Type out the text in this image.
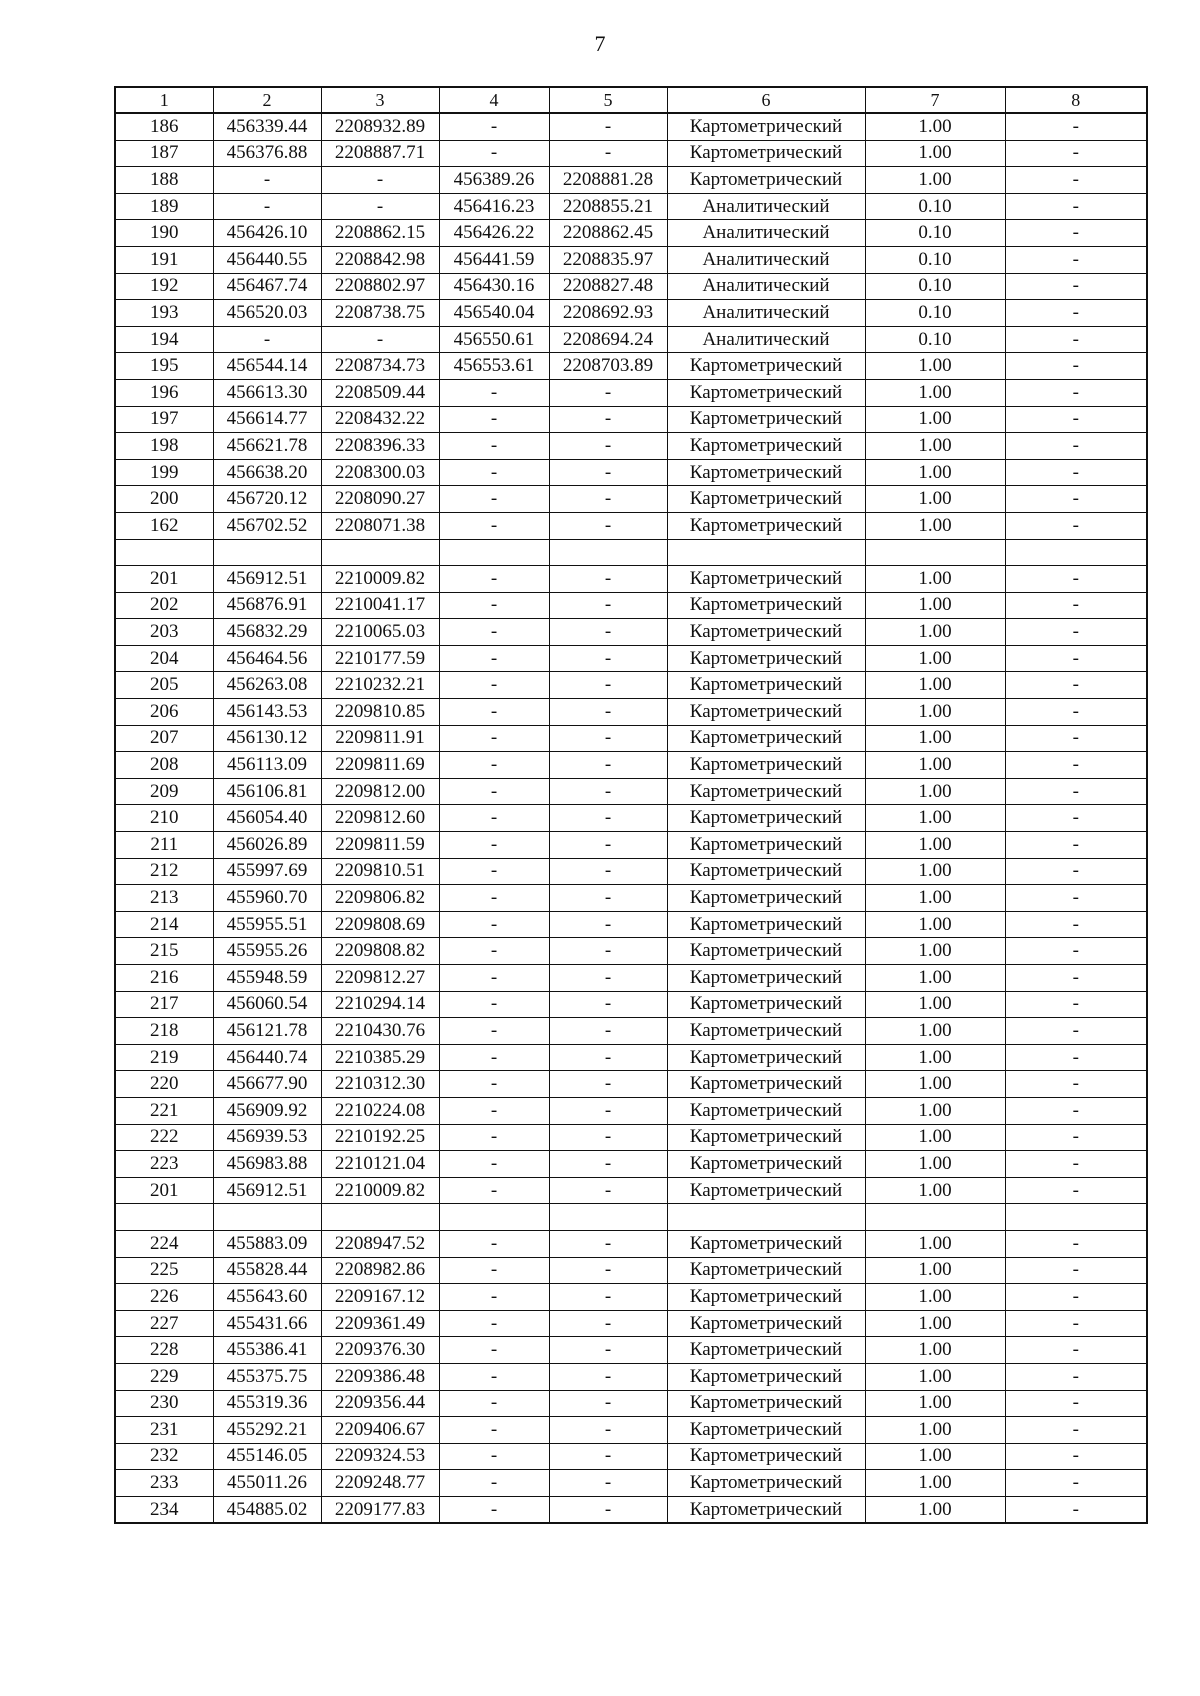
7
1	2	3	4	5	6	7	8
186	456339.44	2208932.89	-	-	Картометрический	1.00	-
187	456376.88	2208887.71	-	-	Картометрический	1.00	-
188	-	-	456389.26	2208881.28	Картометрический	1.00	-
189	-	-	456416.23	2208855.21	Аналитический	0.10	-
190	456426.10	2208862.15	456426.22	2208862.45	Аналитический	0.10	-
191	456440.55	2208842.98	456441.59	2208835.97	Аналитический	0.10	-
192	456467.74	2208802.97	456430.16	2208827.48	Аналитический	0.10	-
193	456520.03	2208738.75	456540.04	2208692.93	Аналитический	0.10	-
194	-	-	456550.61	2208694.24	Аналитический	0.10	-
195	456544.14	2208734.73	456553.61	2208703.89	Картометрический	1.00	-
196	456613.30	2208509.44	-	-	Картометрический	1.00	-
197	456614.77	2208432.22	-	-	Картометрический	1.00	-
198	456621.78	2208396.33	-	-	Картометрический	1.00	-
199	456638.20	2208300.03	-	-	Картометрический	1.00	-
200	456720.12	2208090.27	-	-	Картометрический	1.00	-
162	456702.52	2208071.38	-	-	Картометрический	1.00	-

201	456912.51	2210009.82	-	-	Картометрический	1.00	-
202	456876.91	2210041.17	-	-	Картометрический	1.00	-
203	456832.29	2210065.03	-	-	Картометрический	1.00	-
204	456464.56	2210177.59	-	-	Картометрический	1.00	-
205	456263.08	2210232.21	-	-	Картометрический	1.00	-
206	456143.53	2209810.85	-	-	Картометрический	1.00	-
207	456130.12	2209811.91	-	-	Картометрический	1.00	-
208	456113.09	2209811.69	-	-	Картометрический	1.00	-
209	456106.81	2209812.00	-	-	Картометрический	1.00	-
210	456054.40	2209812.60	-	-	Картометрический	1.00	-
211	456026.89	2209811.59	-	-	Картометрический	1.00	-
212	455997.69	2209810.51	-	-	Картометрический	1.00	-
213	455960.70	2209806.82	-	-	Картометрический	1.00	-
214	455955.51	2209808.69	-	-	Картометрический	1.00	-
215	455955.26	2209808.82	-	-	Картометрический	1.00	-
216	455948.59	2209812.27	-	-	Картометрический	1.00	-
217	456060.54	2210294.14	-	-	Картометрический	1.00	-
218	456121.78	2210430.76	-	-	Картометрический	1.00	-
219	456440.74	2210385.29	-	-	Картометрический	1.00	-
220	456677.90	2210312.30	-	-	Картометрический	1.00	-
221	456909.92	2210224.08	-	-	Картометрический	1.00	-
222	456939.53	2210192.25	-	-	Картометрический	1.00	-
223	456983.88	2210121.04	-	-	Картометрический	1.00	-
201	456912.51	2210009.82	-	-	Картометрический	1.00	-

224	455883.09	2208947.52	-	-	Картометрический	1.00	-
225	455828.44	2208982.86	-	-	Картометрический	1.00	-
226	455643.60	2209167.12	-	-	Картометрический	1.00	-
227	455431.66	2209361.49	-	-	Картометрический	1.00	-
228	455386.41	2209376.30	-	-	Картометрический	1.00	-
229	455375.75	2209386.48	-	-	Картометрический	1.00	-
230	455319.36	2209356.44	-	-	Картометрический	1.00	-
231	455292.21	2209406.67	-	-	Картометрический	1.00	-
232	455146.05	2209324.53	-	-	Картометрический	1.00	-
233	455011.26	2209248.77	-	-	Картометрический	1.00	-
234	454885.02	2209177.83	-	-	Картометрический	1.00	-
